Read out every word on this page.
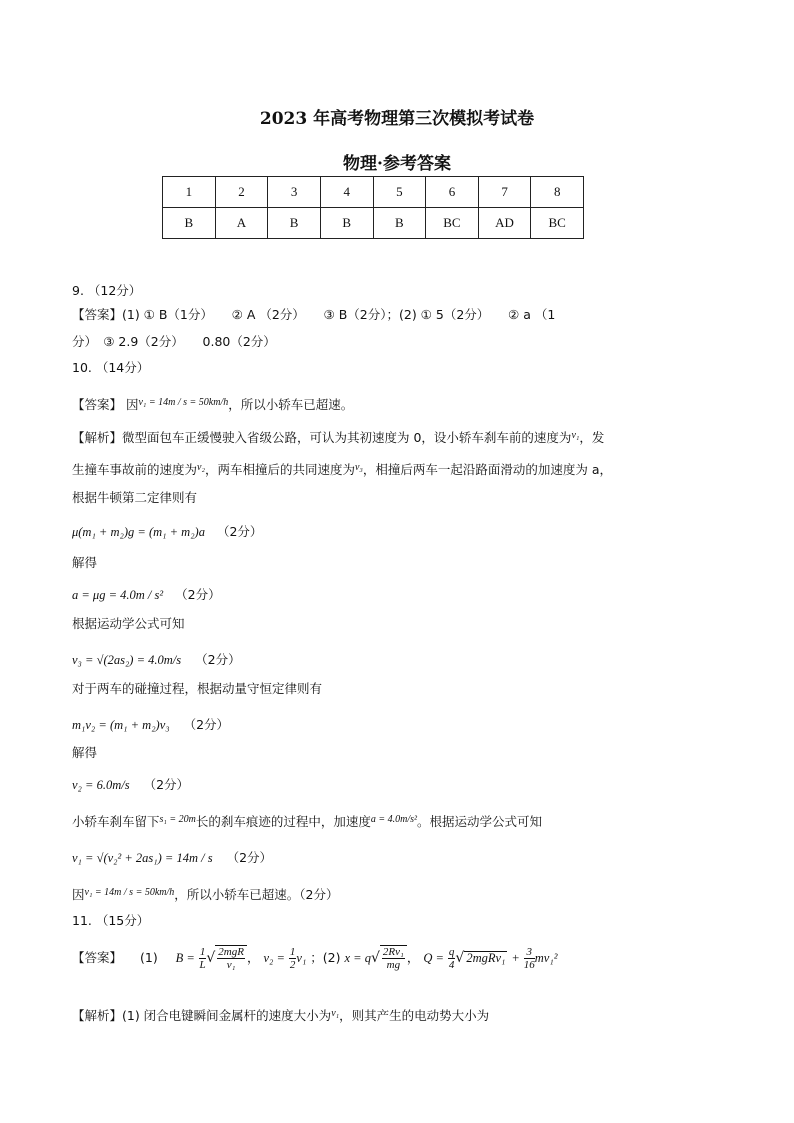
2023 年高考物理第三次模拟考试卷
物理·参考答案
1	2	3	4	5	6	7	8
B	A	B	B	B	BC	AD	BC
9. （12分）
【答案】(1) ① B（1分）　　② A （2分）　　③ B（2分）；(2) ① 5（2分）　　② a （1
分）　③ 2.9（2分）　　0.80（2分）
10. （14分）
【答案】 因$^{v_1 = 14m / s = 50km/h}$，所以小轿车已超速。
【解析】微型面包车正缓慢驶入省级公路，可认为其初速度为 0，设小轿车刹车前的速度为$^{v_1}$，发
生撞车事故前的速度为$^{v_2}$，两车相撞后的共同速度为$^{v_3}$，相撞后两车一起沿路面滑动的加速度为 a，
根据牛顿第二定律则有
μ(m₁ + m₂)g = (m₁ + m₂)a （2分）
解得
a = μg = 4.0m / s² （2分）
根据运动学公式可知
v₃ = √(2as₂) = 4.0m/s （2分）
对于两车的碰撞过程，根据动量守恒定律则有
m₁v₂ = (m₁ + m₂)v₃ （2分）
解得
v₂ = 6.0m/s （2分）
小轿车刹车留下$^{s_1 = 20m}$长的刹车痕迹的过程中，加速度$^{a = 4.0m/s^2}$。根据运动学公式可知
v₁ = √(v₂² + 2as₁) = 14m / s （2分）
因$^{v_1 = 14m / s = 50km/h}$，所以小轿车已超速。（2分）
11. （15分）
【答案】 (1) $B = \frac{1}{L}$ √ $\frac{\text{2mgR}}{\text{v₁}}$ ， $v_2 = \frac{1}{2} v_1$ ；(2) $x = q√ \frac{\text{2Rv₁}}{mg}$ ， $Q = \frac{q}{4}$ √ 2mgRv₁ + $\frac{3}{16} mv_1^2$
【解析】(1) 闭合电键瞬间金属杆的速度大小为$^{v_1}$，则其产生的电动势大小为
